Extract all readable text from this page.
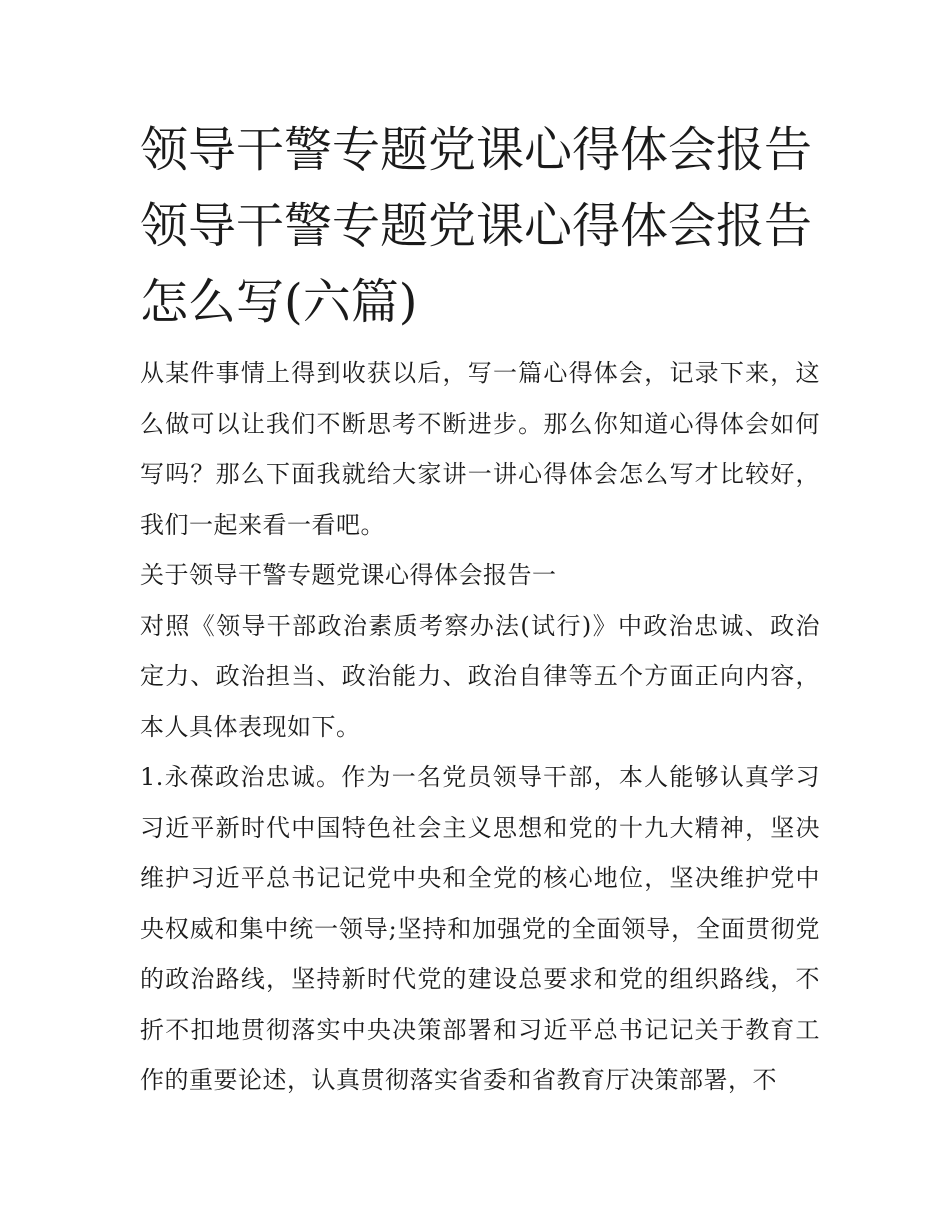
领导干警专题党课心得体会报告 领导干警专题党课心得体会报告怎么写(六篇)

从某件事情上得到收获以后，写一篇心得体会，记录下来，这么做可以让我们不断思考不断进步。那么你知道心得体会如何写吗？那么下面我就给大家讲一讲心得体会怎么写才比较好，我们一起来看一看吧。

关于领导干警专题党课心得体会报告一

对照《领导干部政治素质考察办法(试行)》中政治忠诚、政治定力、政治担当、政治能力、政治自律等五个方面正向内容，本人具体表现如下。

1.永葆政治忠诚。作为一名党员领导干部，本人能够认真学习习近平新时代中国特色社会主义思想和党的十九大精神，坚决维护习近平总书记记党中央和全党的核心地位，坚决维护党中央权威和集中统一领导;坚持和加强党的全面领导，全面贯彻党的政治路线，坚持新时代党的建设总要求和党的组织路线，不折不扣地贯彻落实中央决策部署和习近平总书记记关于教育工作的重要论述，认真贯彻落实省委和省教育厅决策部署，不
